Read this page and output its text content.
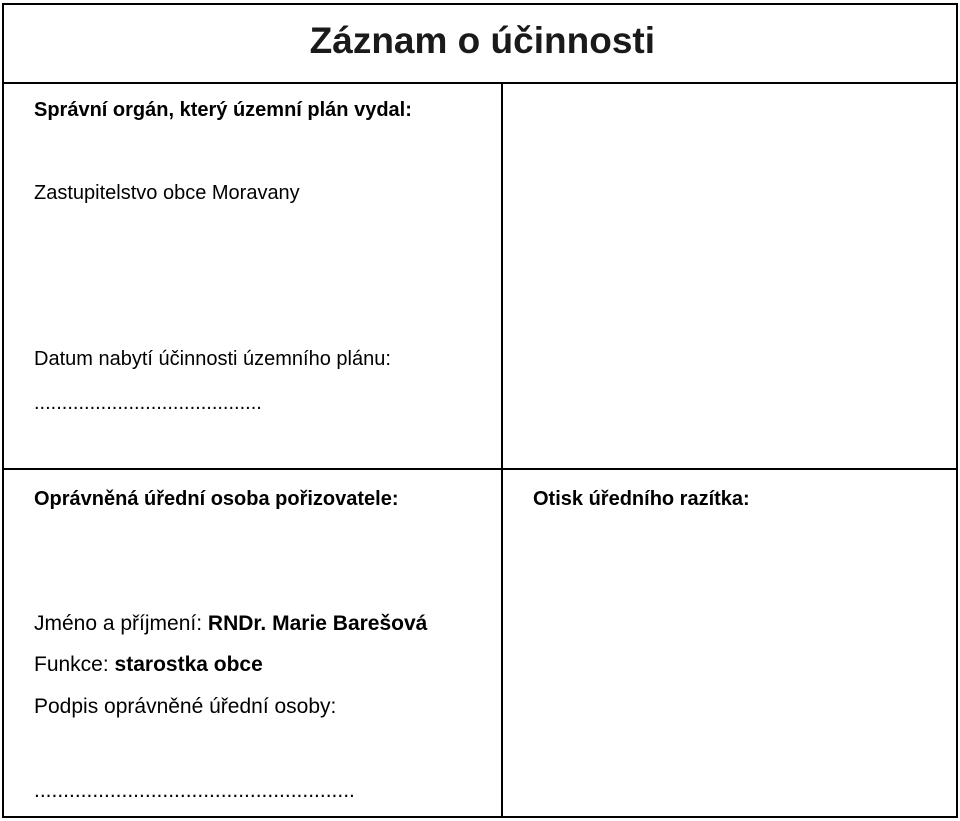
Záznam o účinnosti
Správní orgán, který územní plán vydal:
Zastupitelstvo obce Moravany
Datum nabytí účinnosti územního plánu:
.........................................
Oprávněná úřední osoba pořizovatele:	Otisk úředního razítka:
Jméno a příjmení: RNDr. Marie Barešová
Funkce: starostka obce
Podpis oprávněné úřední osoby:
.......................................................
